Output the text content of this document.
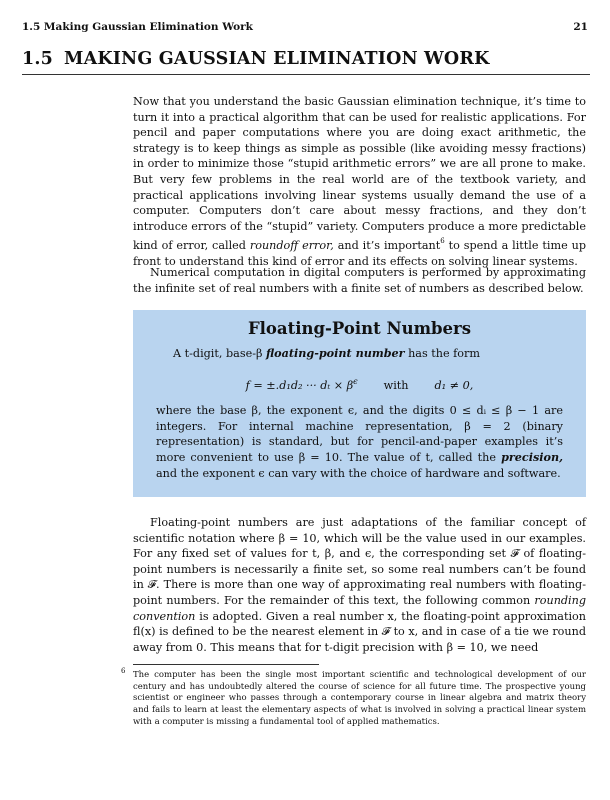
1.5 Making Gaussian Elimination Work	21
1.5 MAKING GAUSSIAN ELIMINATION WORK

Now that you understand the basic Gaussian elimination technique, it’s time to turn it into a practical algorithm that can be used for realistic applications. For pencil and paper computations where you are doing exact arithmetic, the strategy is to keep things as simple as possible (like avoiding messy fractions) in order to minimize those “stupid arithmetic errors” we are all prone to make. But very few problems in the real world are of the textbook variety, and practical applications involving linear systems usually demand the use of a computer. Computers don’t care about messy fractions, and they don’t introduce errors of the “stupid” variety. Computers produce a more predictable kind of error, called roundoff error, and it’s important$^6$ to spend a little time up front to understand this kind of error and its effects on solving linear systems.

Numerical computation in digital computers is performed by approximating the infinite set of real numbers with a finite set of numbers as described below.

Floating-Point Numbers

A t-digit, base-β floating-point number has the form

f = ±.d₁d₂ ··· $d_t \times \beta^\epsilon$ with d₁ ≠ 0,

where the base β, the exponent ϵ, and the digits 0 ≤ dᵢ ≤ β − 1 are integers. For internal machine representation, β = 2 (binary representation) is standard, but for pencil-and-paper examples it’s more convenient to use β = 10. The value of t, called the precision, and the exponent ϵ can vary with the choice of hardware and software.

Floating-point numbers are just adaptations of the familiar concept of scientific notation where β = 10, which will be the value used in our examples. For any fixed set of values for t, β, and ϵ, the corresponding set 𝓕 of floating-point numbers is necessarily a finite set, so some real numbers can’t be found in 𝓕. There is more than one way of approximating real numbers with floating-point numbers. For the remainder of this text, the following common rounding convention is adopted. Given a real number x, the floating-point approximation fl(x) is defined to be the nearest element in 𝓕 to x, and in case of a tie we round away from 0. This means that for t-digit precision with β = 10, we need

6 The computer has been the single most important scientific and technological development of our century and has undoubtedly altered the course of science for all future time. The prospective young scientist or engineer who passes through a contemporary course in linear algebra and matrix theory and fails to learn at least the elementary aspects of what is involved in solving a practical linear system with a computer is missing a fundamental tool of applied mathematics.
